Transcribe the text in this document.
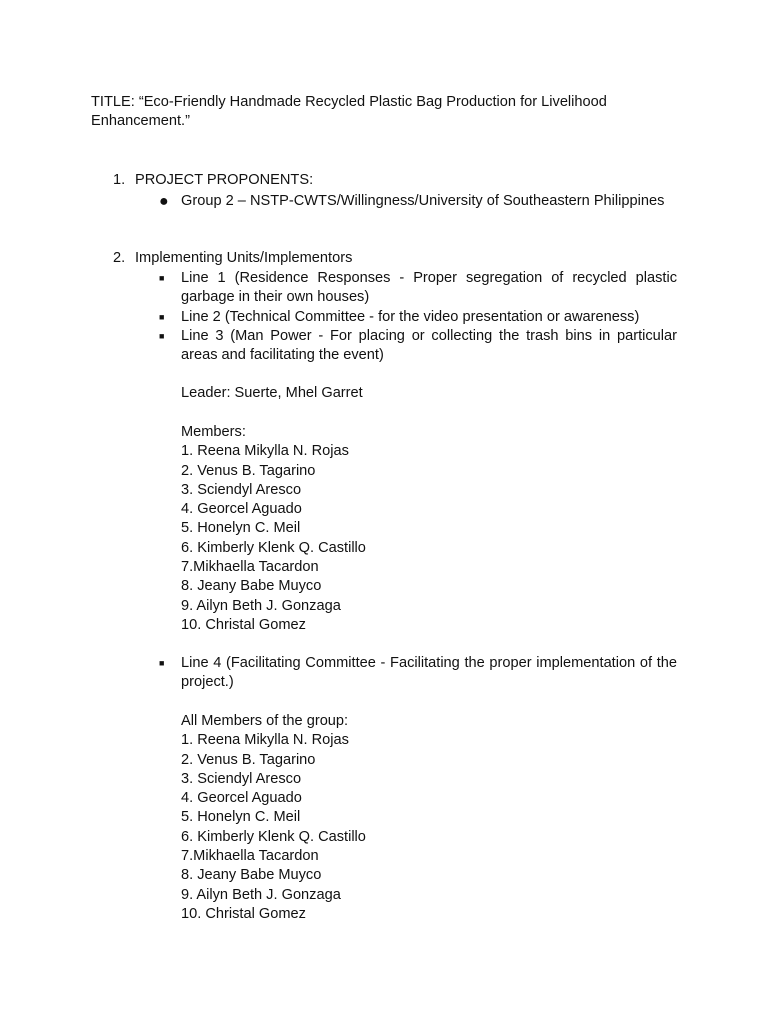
TITLE: “Eco-Friendly Handmade Recycled Plastic Bag Production for Livelihood Enhancement.”
1. PROJECT PROPONENTS:
● Group 2 – NSTP-CWTS/Willingness/University of Southeastern Philippines
2. Implementing Units/Implementors
■	Line 1 (Residence Responses - Proper segregation of recycled plastic garbage in their own houses)
■	Line 2 (Technical Committee - for the video presentation or awareness)
■	Line 3 (Man Power - For placing or collecting the trash bins in particular areas and facilitating the event)
Leader: Suerte, Mhel Garret
Members:
1. Reena Mikylla N. Rojas
2. Venus B. Tagarino
3. Sciendyl Aresco
4. Georcel Aguado
5. Honelyn C. Meil
6. Kimberly Klenk Q. Castillo
7.Mikhaella Tacardon
8. Jeany Babe Muyco
9. Ailyn Beth J. Gonzaga
10. Christal Gomez
■	Line 4 (Facilitating Committee - Facilitating the proper implementation of the project.)
All Members of the group:
1. Reena Mikylla N. Rojas
2. Venus B. Tagarino
3. Sciendyl Aresco
4. Georcel Aguado
5. Honelyn C. Meil
6. Kimberly Klenk Q. Castillo
7.Mikhaella Tacardon
8. Jeany Babe Muyco
9. Ailyn Beth J. Gonzaga
10. Christal Gomez
